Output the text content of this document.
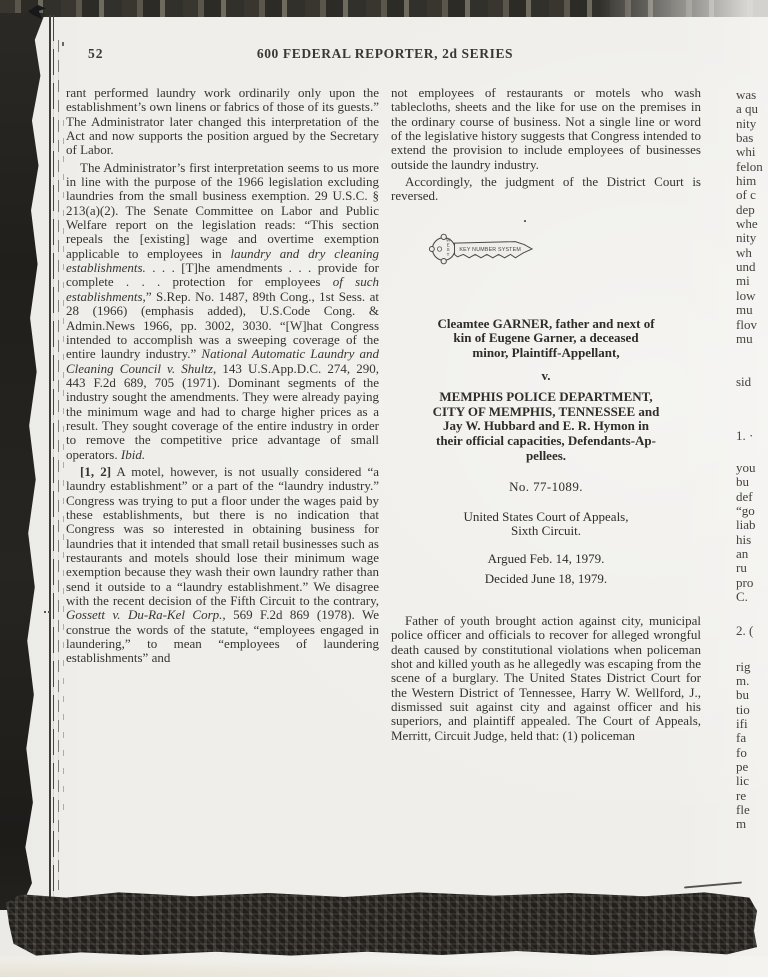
52	600 FEDERAL REPORTER, 2d SERIES

rant performed laundry work ordinarily only upon the establishment’s own linens or fabrics of those of its guests.” The Administrator later changed this interpretation of the Act and now supports the position argued by the Secretary of Labor.

The Administrator’s first interpretation seems to us more in line with the purpose of the 1966 legislation excluding laundries from the small business exemption. 29 U.S.C. § 213(a)(2). The Senate Committee on Labor and Public Welfare report on the legislation reads: “This section repeals the [existing] wage and overtime exemption applicable to employees in laundry and dry cleaning establishments. . . . [T]he amendments . . . provide for complete . . . protection for employees of such establishments,” S.Rep. No. 1487, 89th Cong., 1st Sess. at 28 (1966) (emphasis added), U.S.Code Cong. & Admin.News 1966, pp. 3002, 3030. “[W]hat Congress intended to accomplish was a sweeping coverage of the entire laundry industry.” National Automatic Laundry and Cleaning Council v. Shultz, 143 U.S.App.D.C. 274, 290, 443 F.2d 689, 705 (1971). Dominant segments of the industry sought the amendments. They were already paying the minimum wage and had to charge higher prices as a result. They sought coverage of the entire industry in order to remove the competitive price advantage of small operators. Ibid.

[1, 2] A motel, however, is not usually considered “a laundry establishment” or a part of the “laundry industry.” Congress was trying to put a floor under the wages paid by these establishments, but there is no indication that Congress was so interested in obtaining business for laundries that it intended that small retail businesses such as restaurants and motels should lose their minimum wage exemption because they wash their own laundry rather than send it outside to a “laundry establishment.” We disagree with the recent decision of the Fifth Circuit to the contrary, Gossett v. Du-Ra-Kel Corp., 569 F.2d 869 (1978). We construe the words of the statute, “employees engaged in laundering,” to mean “employees of laundering establishments” and

not employees of restaurants or motels who wash tablecloths, sheets and the like for use on the premises in the ordinary course of business. Not a single line or word of the legislative history suggests that Congress intended to extend the provision to include employees of businesses outside the laundry industry.

Accordingly, the judgment of the District Court is reversed.

.
O
W
E
S
T
KEY NUMBER SYSTEM
Cleamtee GARNER, father and next of
kin of Eugene Garner, a deceased
minor, Plaintiff-Appellant,
v.
MEMPHIS POLICE DEPARTMENT,
CITY OF MEMPHIS, TENNESSEE and
Jay W. Hubbard and E. R. Hymon in
their official capacities, Defendants-Ap-
pellees.
No. 77-1089.
United States Court of Appeals,
Sixth Circuit.
Argued Feb. 14, 1979.
Decided June 18, 1979.

Father of youth brought action against city, municipal police officer and officials to recover for alleged wrongful death caused by constitutional violations when policeman shot and killed youth as he allegedly was escaping from the scene of a burglary. The United States District Court for the Western District of Tennessee, Harry W. Wellford, J., dismissed suit against city and against officer and his superiors, and plaintiff appealed. The Court of Appeals, Merritt, Circuit Judge, held that: (1) policeman

was
a qu
nity
bas
whi
felon
him
of c
dep
whe
nity
wh
und
mi
low
mu
flov
mu
sid
1. ·
you
bu
def
“go
liab
his
an
ru
pro
C.
2. (
rig
m.
bu
tio
ifi
fa
fo
pe
lic
re
fle
m
